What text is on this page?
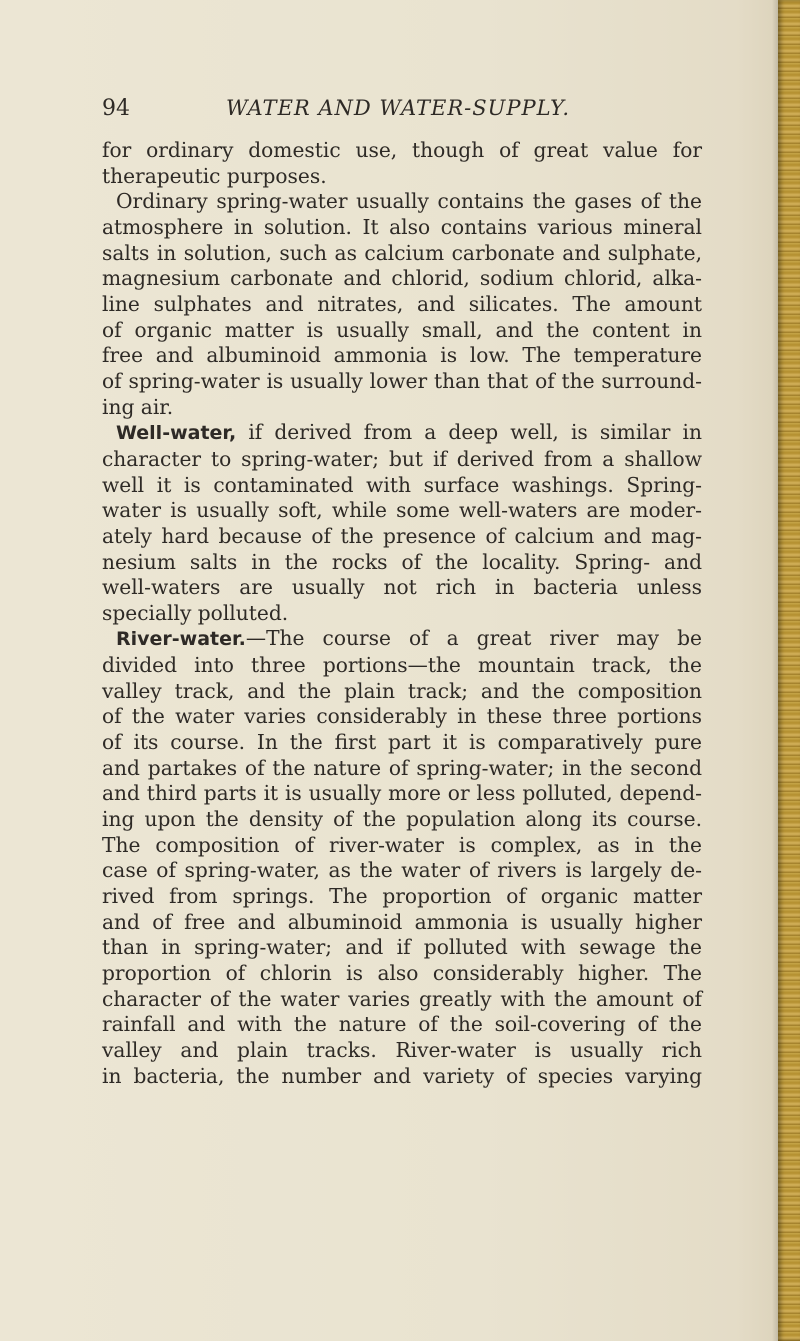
94	WATER AND WATER-SUPPLY.
for ordinary domestic use, though of great value for
therapeutic purposes.
Ordinary spring-water usually contains the gases of the
atmosphere in solution. It also contains various mineral
salts in solution, such as calcium carbonate and sulphate,
magnesium carbonate and chlorid, sodium chlorid, alka-
line sulphates and nitrates, and silicates. The amount
of organic matter is usually small, and the content in
free and albuminoid ammonia is low. The temperature
of spring-water is usually lower than that of the surround-
ing air.
Well-water, if derived from a deep well, is similar in
character to spring-water; but if derived from a shallow
well it is contaminated with surface washings. Spring-
water is usually soft, while some well-waters are moder-
ately hard because of the presence of calcium and mag-
nesium salts in the rocks of the locality. Spring- and
well-waters are usually not rich in bacteria unless
specially polluted.
River-water.—The course of a great river may be
divided into three portions—the mountain track, the
valley track, and the plain track; and the composition
of the water varies considerably in these three portions
of its course. In the first part it is comparatively pure
and partakes of the nature of spring-water; in the second
and third parts it is usually more or less polluted, depend-
ing upon the density of the population along its course.
The composition of river-water is complex, as in the
case of spring-water, as the water of rivers is largely de-
rived from springs. The proportion of organic matter
and of free and albuminoid ammonia is usually higher
than in spring-water; and if polluted with sewage the
proportion of chlorin is also considerably higher. The
character of the water varies greatly with the amount of
rainfall and with the nature of the soil-covering of the
valley and plain tracks. River-water is usually rich
in bacteria, the number and variety of species varying
